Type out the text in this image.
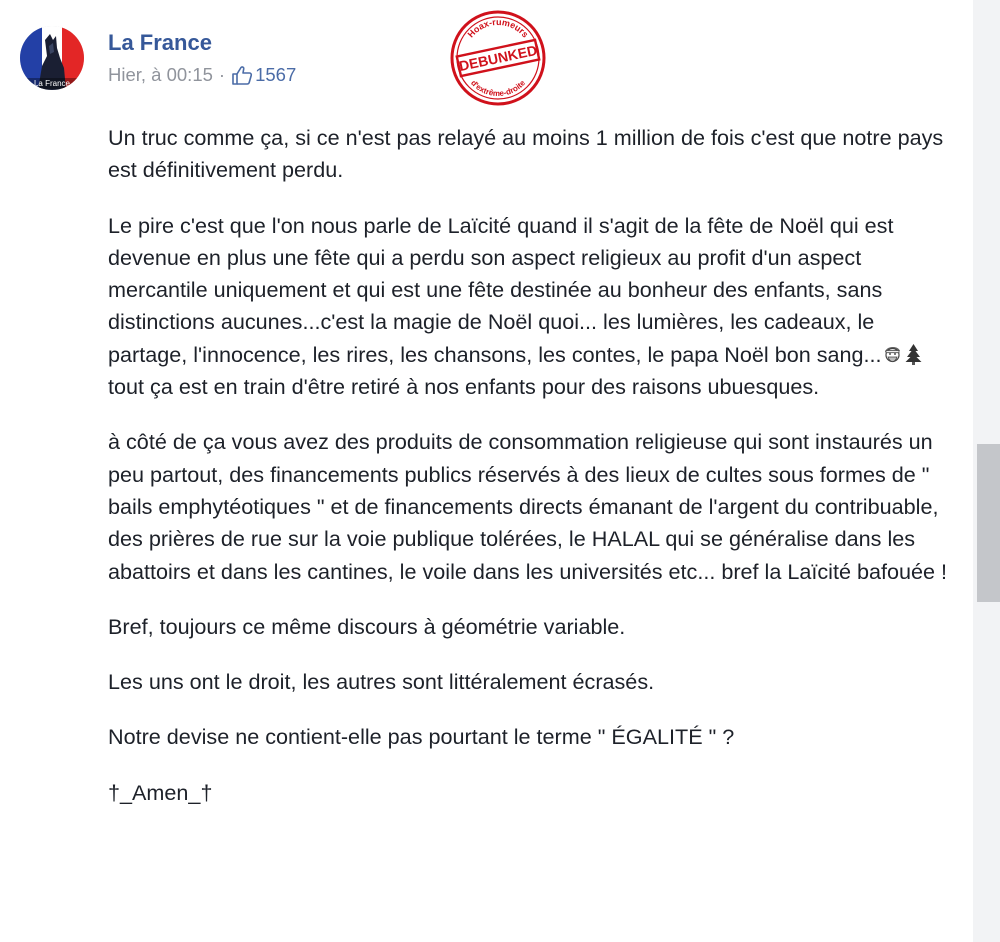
La France
La France
Hier, à 00:15 · 1567
Hoax-rumeurs
DEBUNKED
d'extrême-droite

Un truc comme ça, si ce n'est pas relayé au moins 1 million de fois c'est que notre pays est définitivement perdu.

Le pire c'est que l'on nous parle de Laïcité quand il s'agit de la fête de Noël qui est devenue en plus une fête qui a perdu son aspect religieux au profit d'un aspect mercantile uniquement et qui est une fête destinée au bonheur des enfants, sans distinctions aucunes...c'est la magie de Noël quoi... les lumières, les cadeaux, le partage, l'innocence, les rires, les chansons, les contes, le papa Noël bon sang... tout ça est en train d'être retiré à nos enfants pour des raisons ubuesques.

à côté de ça vous avez des produits de consommation religieuse qui sont instaurés un peu partout, des financements publics réservés à des lieux de cultes sous formes de " bails emphytéotiques " et de financements directs émanant de l'argent du contribuable, des prières de rue sur la voie publique tolérées, le HALAL qui se généralise dans les abattoirs et dans les cantines, le voile dans les universités etc... bref la Laïcité bafouée !

Bref, toujours ce même discours à géométrie variable.

Les uns ont le droit, les autres sont littéralement écrasés.

Notre devise ne contient-elle pas pourtant le terme " ÉGALITÉ " ?

†_Amen_†
